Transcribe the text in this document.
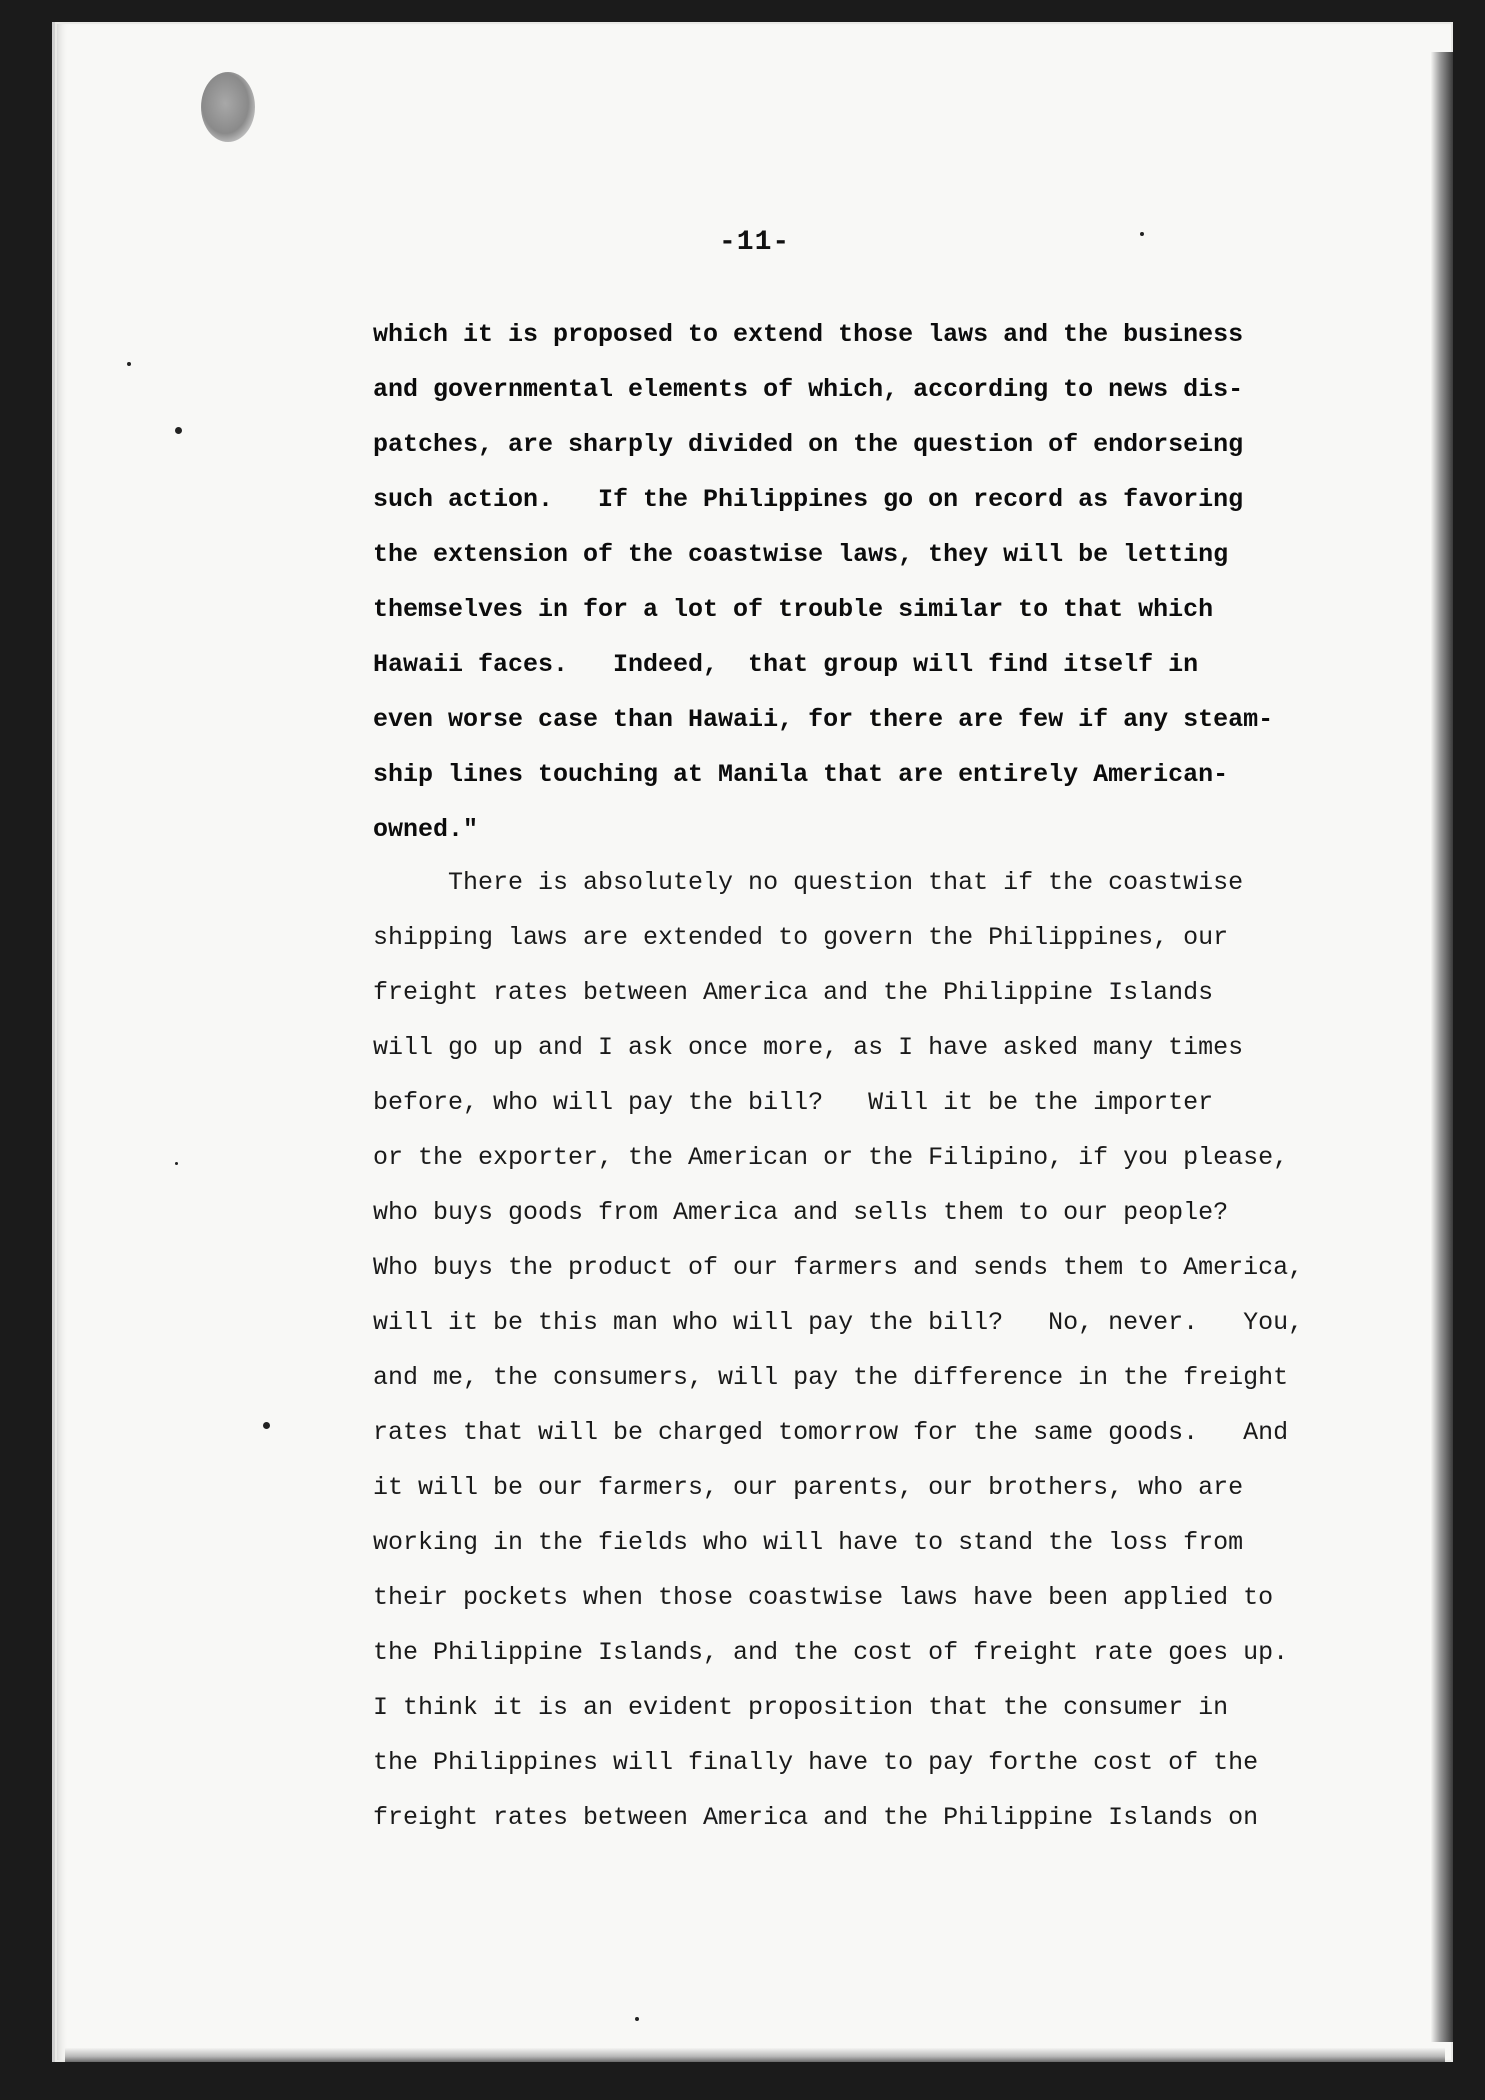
-11-
which it is proposed to extend those laws and the business
and governmental elements of which, according to news dis-
patches, are sharply divided on the question of endorseing
such action.   If the Philippines go on record as favoring
the extension of the coastwise laws, they will be letting
themselves in for a lot of trouble similar to that which
Hawaii faces.   Indeed,  that group will find itself in
even worse case than Hawaii, for there are few if any steam-
ship lines touching at Manila that are entirely American-
owned."
There is absolutely no question that if the coastwise
shipping laws are extended to govern the Philippines, our
freight rates between America and the Philippine Islands
will go up and I ask once more, as I have asked many times
before, who will pay the bill?   Will it be the importer
or the exporter, the American or the Filipino, if you please,
who buys goods from America and sells them to our people?
Who buys the product of our farmers and sends them to America,
will it be this man who will pay the bill?   No, never.   You,
and me, the consumers, will pay the difference in the freight
rates that will be charged tomorrow for the same goods.   And
it will be our farmers, our parents, our brothers, who are
working in the fields who will have to stand the loss from
their pockets when those coastwise laws have been applied to
the Philippine Islands, and the cost of freight rate goes up.
I think it is an evident proposition that the consumer in
the Philippines will finally have to pay forthe cost of the
freight rates between America and the Philippine Islands on
